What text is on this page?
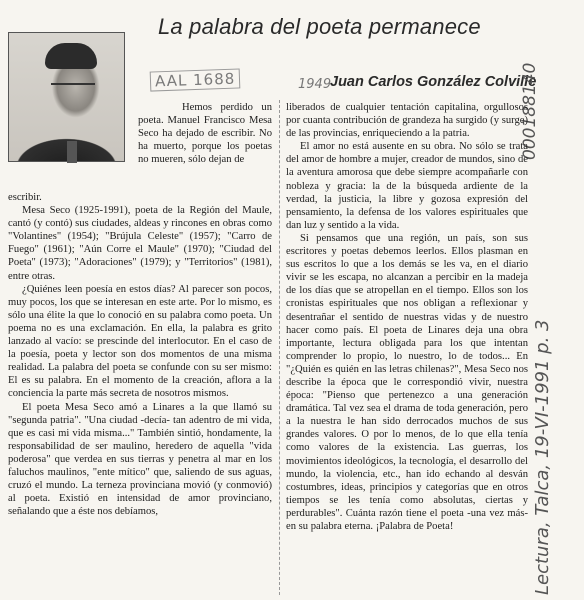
La palabra del poeta permanece
AAL 1688	1949
Juan Carlos González Colville
000188140
Lectura, Talca, 19-VI-1991 p. 3

Hemos perdido un poeta. Manuel Francisco Mesa Seco ha dejado de escribir. No ha muerto, porque los poetas no mueren, sólo dejan de

escribir.

Mesa Seco (1925-1991), poeta de la Región del Maule, cantó (y contó) sus ciudades, aldeas y rincones en obras como "Volantines" (1954); "Brújula Celeste" (1957); "Carro de Fuego" (1961); "Aún Corre el Maule" (1970); "Ciudad del Poeta" (1973); "Adoraciones" (1979); y "Territorios" (1981), entre otras.

¿Quiénes leen poesía en estos días? Al parecer son pocos, muy pocos, los que se interesan en este arte. Por lo mismo, es sólo una élite la que lo conoció en su palabra como poeta. Un poema no es una exclamación. En ella, la palabra es grito lanzado al vacío: se prescinde del interlocutor. En el caso de la poesía, poeta y lector son dos momentos de una misma realidad. La palabra del poeta se confunde con su ser mismo: El es su palabra. En el momento de la creación, aflora a la conciencia la parte más secreta de nosotros mismos.

El poeta Mesa Seco amó a Linares a la que llamó su "segunda patria". "Una ciudad -decía- tan adentro de mi vida, que es casi mi vida misma..." También sintió, hondamente, la responsabilidad de ser maulino, heredero de aquella "vida poderosa" que verdea en sus tierras y penetra al mar en los faluchos maulinos, "ente mítico" que, saliendo de sus aguas, cruzó el mundo. La terneza provinciana movió (y conmovió) al poeta. Existió en intensidad de amor provinciano, señalando que a éste nos debíamos,

liberados de cualquier tentación capitalina, orgullosos por cuanta contribución de grandeza ha surgido (y surge) de las provincias, enriqueciendo a la patria.

El amor no está ausente en su obra. No sólo se trata del amor de hombre a mujer, creador de mundos, sino de la aventura amorosa que debe siempre acompañarle con nobleza y gracia: la de la búsqueda ardiente de la verdad, la justicia, la libre y gozosa expresión del pensamiento, la defensa de los valores espirituales que dan luz y sentido a la vida.

Si pensamos que una región, un país, son sus escritores y poetas debemos leerlos. Ellos plasman en sus escritos lo que a los demás se les va, en el diario vivir se les escapa, no alcanzan a percibir en la madeja de los días que se atropellan en el tiempo. Ellos son los cronistas espirituales que nos obligan a reflexionar y desentrañar el sentido de nuestras vidas y de nuestro hacer como país. El poeta de Linares deja una obra importante, lectura obligada para los que intentan comprender lo propio, lo nuestro, lo de todos... En "¿Quién es quién en las letras chilenas?", Mesa Seco nos describe la época que le correspondió vivir, nuestra época: "Pienso que pertenezco a una generación dramática. Tal vez sea el drama de toda generación, pero a la nuestra le han sido derrocados muchos de sus grandes valores. O por lo menos, de lo que ella tenía como valores de la existencia. Las guerras, los movimientos ideológicos, la tecnología, el desarrollo del mundo, la violencia, etc., han ido echando al desván costumbres, ideas, principios y categorías que en otros tiempos se les tenía como absolutas, ciertas y perdurables". Cuánta razón tiene el poeta -una vez más- en su palabra eterna. ¡Palabra de Poeta!
